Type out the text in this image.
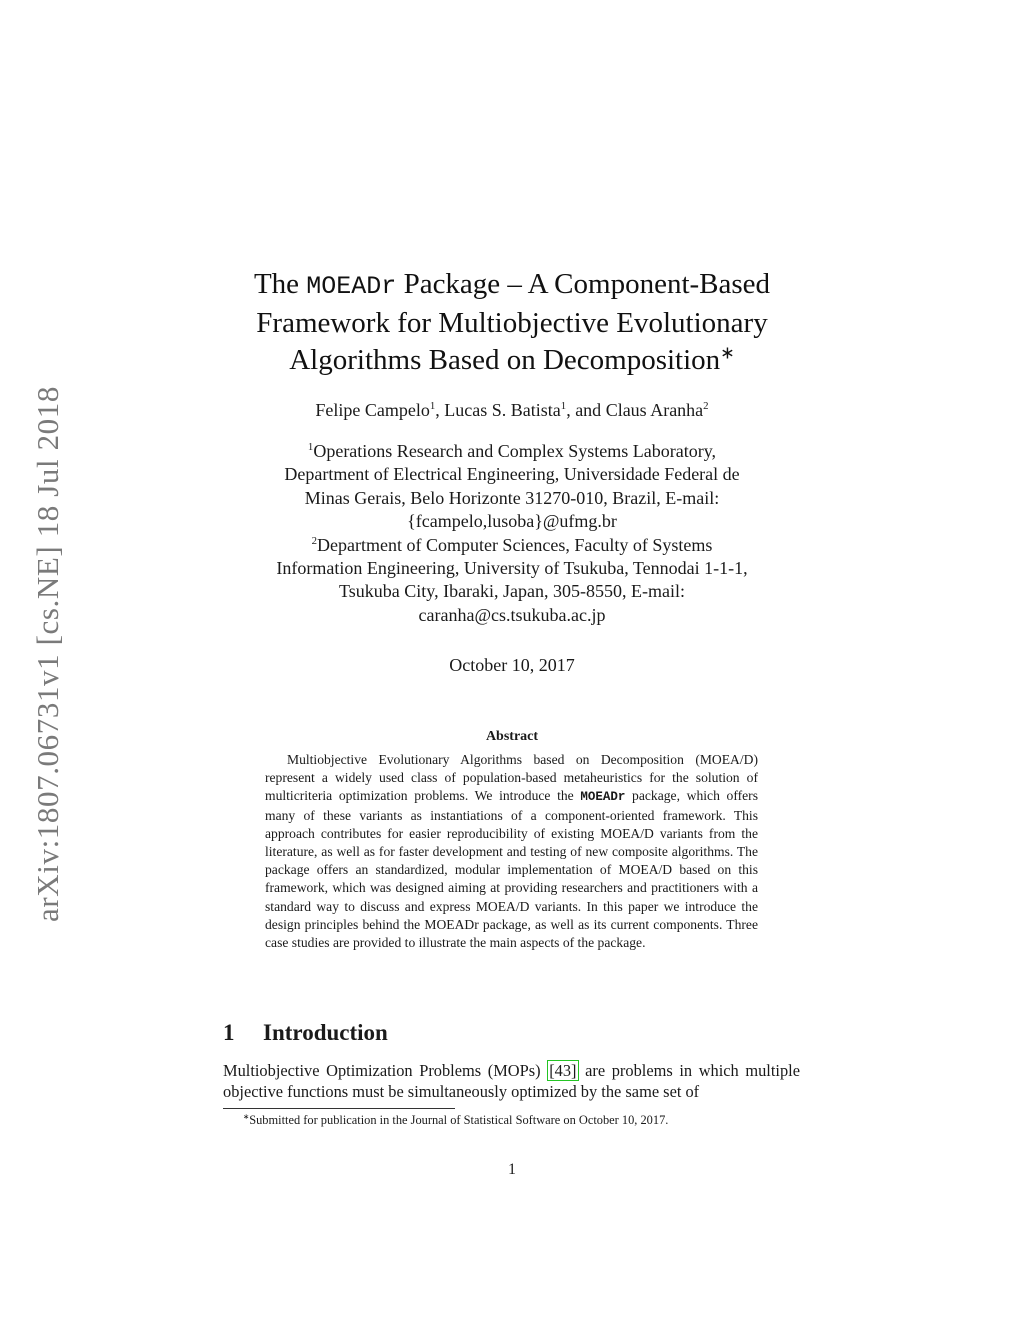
arXiv:1807.06731v1 [cs.NE] 18 Jul 2018
The MOEADr Package – A Component-Based
Framework for Multiobjective Evolutionary
Algorithms Based on Decomposition∗
Felipe Campelo$^1$, Lucas S. Batista$^1$, and Claus Aranha$^2$
$^1$Operations Research and Complex Systems Laboratory,
Department of Electrical Engineering, Universidade Federal de
Minas Gerais, Belo Horizonte 31270-010, Brazil, E-mail:
{fcampelo,lusoba}@ufmg.br
$^2$Department of Computer Sciences, Faculty of Systems
Information Engineering, University of Tsukuba, Tennodai 1-1-1,
Tsukuba City, Ibaraki, Japan, 305-8550, E-mail:
caranha@cs.tsukuba.ac.jp
October 10, 2017
Abstract
Multiobjective Evolutionary Algorithms based on Decomposition (MOEA/D) represent a widely used class of population-based metaheuristics for the solution of multicriteria optimization problems. We introduce the MOEADr package, which offers many of these variants as instantiations of a component-oriented framework. This approach contributes for easier reproducibility of existing MOEA/D variants from the literature, as well as for faster development and testing of new composite algorithms. The package offers an standardized, modular implementation of MOEA/D based on this framework, which was designed aiming at providing researchers and practitioners with a standard way to discuss and express MOEA/D variants. In this paper we introduce the design principles behind the MOEADr package, as well as its current components. Three case studies are provided to illustrate the main aspects of the package.
1 Introduction
Multiobjective Optimization Problems (MOPs) [43] are problems in which multiple objective functions must be simultaneously optimized by the same set of
∗Submitted for publication in the Journal of Statistical Software on October 10, 2017.
1
